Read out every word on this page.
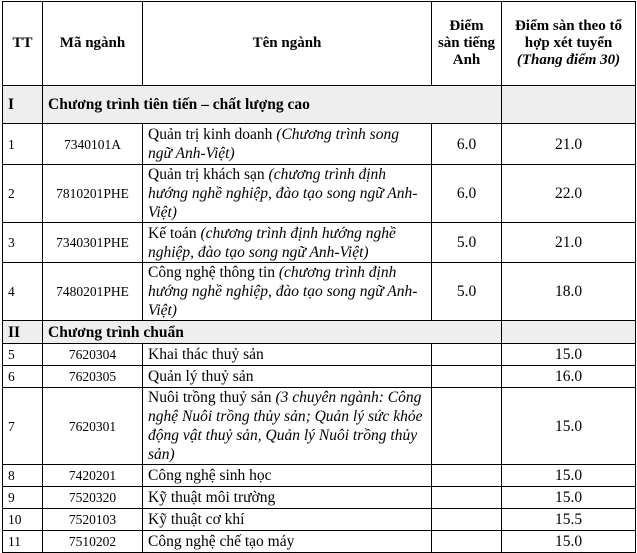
TT	Mã ngành	Tên ngành	Điểm sàn tiếng Anh	Điểm sàn theo tổ hợp xét tuyển
(Thang điểm 30)
I	Chương trình tiên tiến – chất lượng cao			
1	7340101A	Quản trị kinh doanh (Chương trình song ngữ Anh-Việt)	6.0	21.0
2	7810201PHE	Quản trị khách sạn (chương trình định hướng nghề nghiệp, đào tạo song ngữ Anh-Việt)	6.0	22.0
3	7340301PHE	Kế toán (chương trình định hướng nghề nghiệp, đào tạo song ngữ Anh-Việt)	5.0	21.0
4	7480201PHE	Công nghệ thông tin (chương trình định hướng nghề nghiệp, đào tạo song ngữ Anh-Việt)	5.0	18.0
II	Chương trình chuẩn			
5	7620304	Khai thác thuỷ sản		15.0
6	7620305	Quản lý thuỷ sản		16.0
7	7620301	Nuôi trồng thuỷ sản (3 chuyên ngành: Công nghệ Nuôi trồng thủy sản; Quản lý sức khỏe động vật thuỷ sản, Quản lý Nuôi trồng thủy sản)		15.0
8	7420201	Công nghệ sinh học		15.0
9	7520320	Kỹ thuật môi trường		15.0
10	7520103	Kỹ thuật cơ khí		15.5
11	7510202	Công nghệ chế tạo máy		15.0
